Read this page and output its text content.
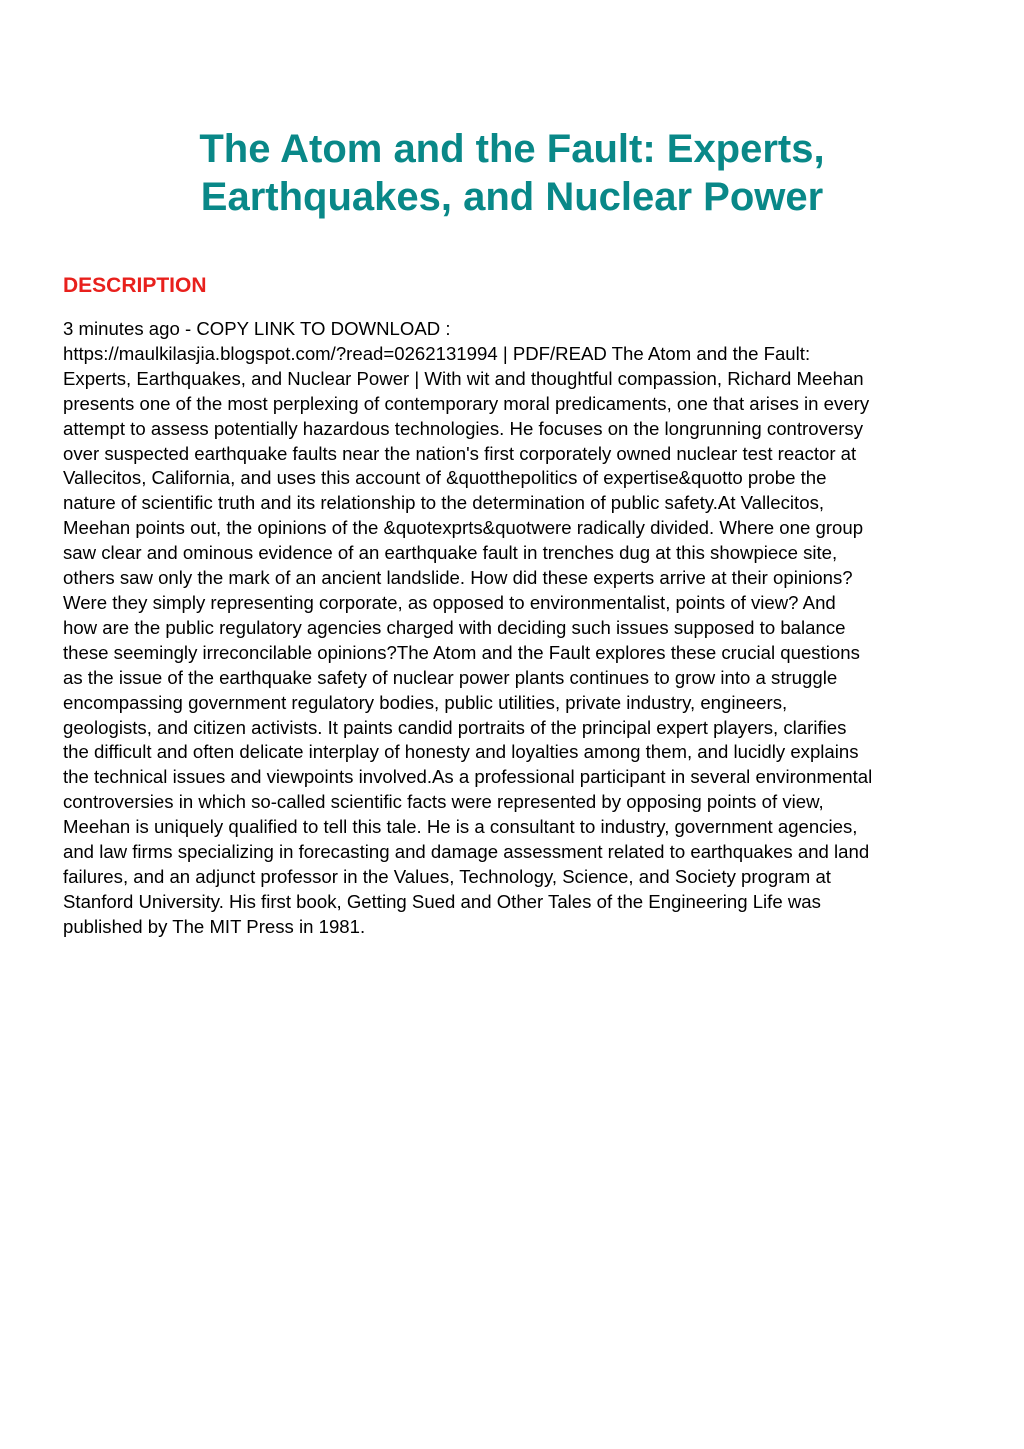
The Atom and the Fault: Experts,
Earthquakes, and Nuclear Power
DESCRIPTION
3 minutes ago - COPY LINK TO DOWNLOAD :
https://maulkilasjia.blogspot.com/?read=0262131994 | PDF/READ The Atom and the Fault:
Experts, Earthquakes, and Nuclear Power | With wit and thoughtful compassion, Richard Meehan
presents one of the most perplexing of contemporary moral predicaments, one that arises in every
attempt to assess potentially hazardous technologies. He focuses on the longrunning controversy
over suspected earthquake faults near the nation's first corporately owned nuclear test reactor at
Vallecitos, California, and uses this account of &quotthepolitics of expertise&quotto probe the
nature of scientific truth and its relationship to the determination of public safety.At Vallecitos,
Meehan points out, the opinions of the &quotexprts&quotwere radically divided. Where one group
saw clear and ominous evidence of an earthquake fault in trenches dug at this showpiece site,
others saw only the mark of an ancient landslide. How did these experts arrive at their opinions?
Were they simply representing corporate, as opposed to environmentalist, points of view? And
how are the public regulatory agencies charged with deciding such issues supposed to balance
these seemingly irreconcilable opinions?The Atom and the Fault explores these crucial questions
as the issue of the earthquake safety of nuclear power plants continues to grow into a struggle
encompassing government regulatory bodies, public utilities, private industry, engineers,
geologists, and citizen activists. It paints candid portraits of the principal expert players, clarifies
the difficult and often delicate interplay of honesty and loyalties among them, and lucidly explains
the technical issues and viewpoints involved.As a professional participant in several environmental
controversies in which so-called scientific facts were represented by opposing points of view,
Meehan is uniquely qualified to tell this tale. He is a consultant to industry, government agencies,
and law firms specializing in forecasting and damage assessment related to earthquakes and land
failures, and an adjunct professor in the Values, Technology, Science, and Society program at
Stanford University. His first book, Getting Sued and Other Tales of the Engineering Life was
published by The MIT Press in 1981.
